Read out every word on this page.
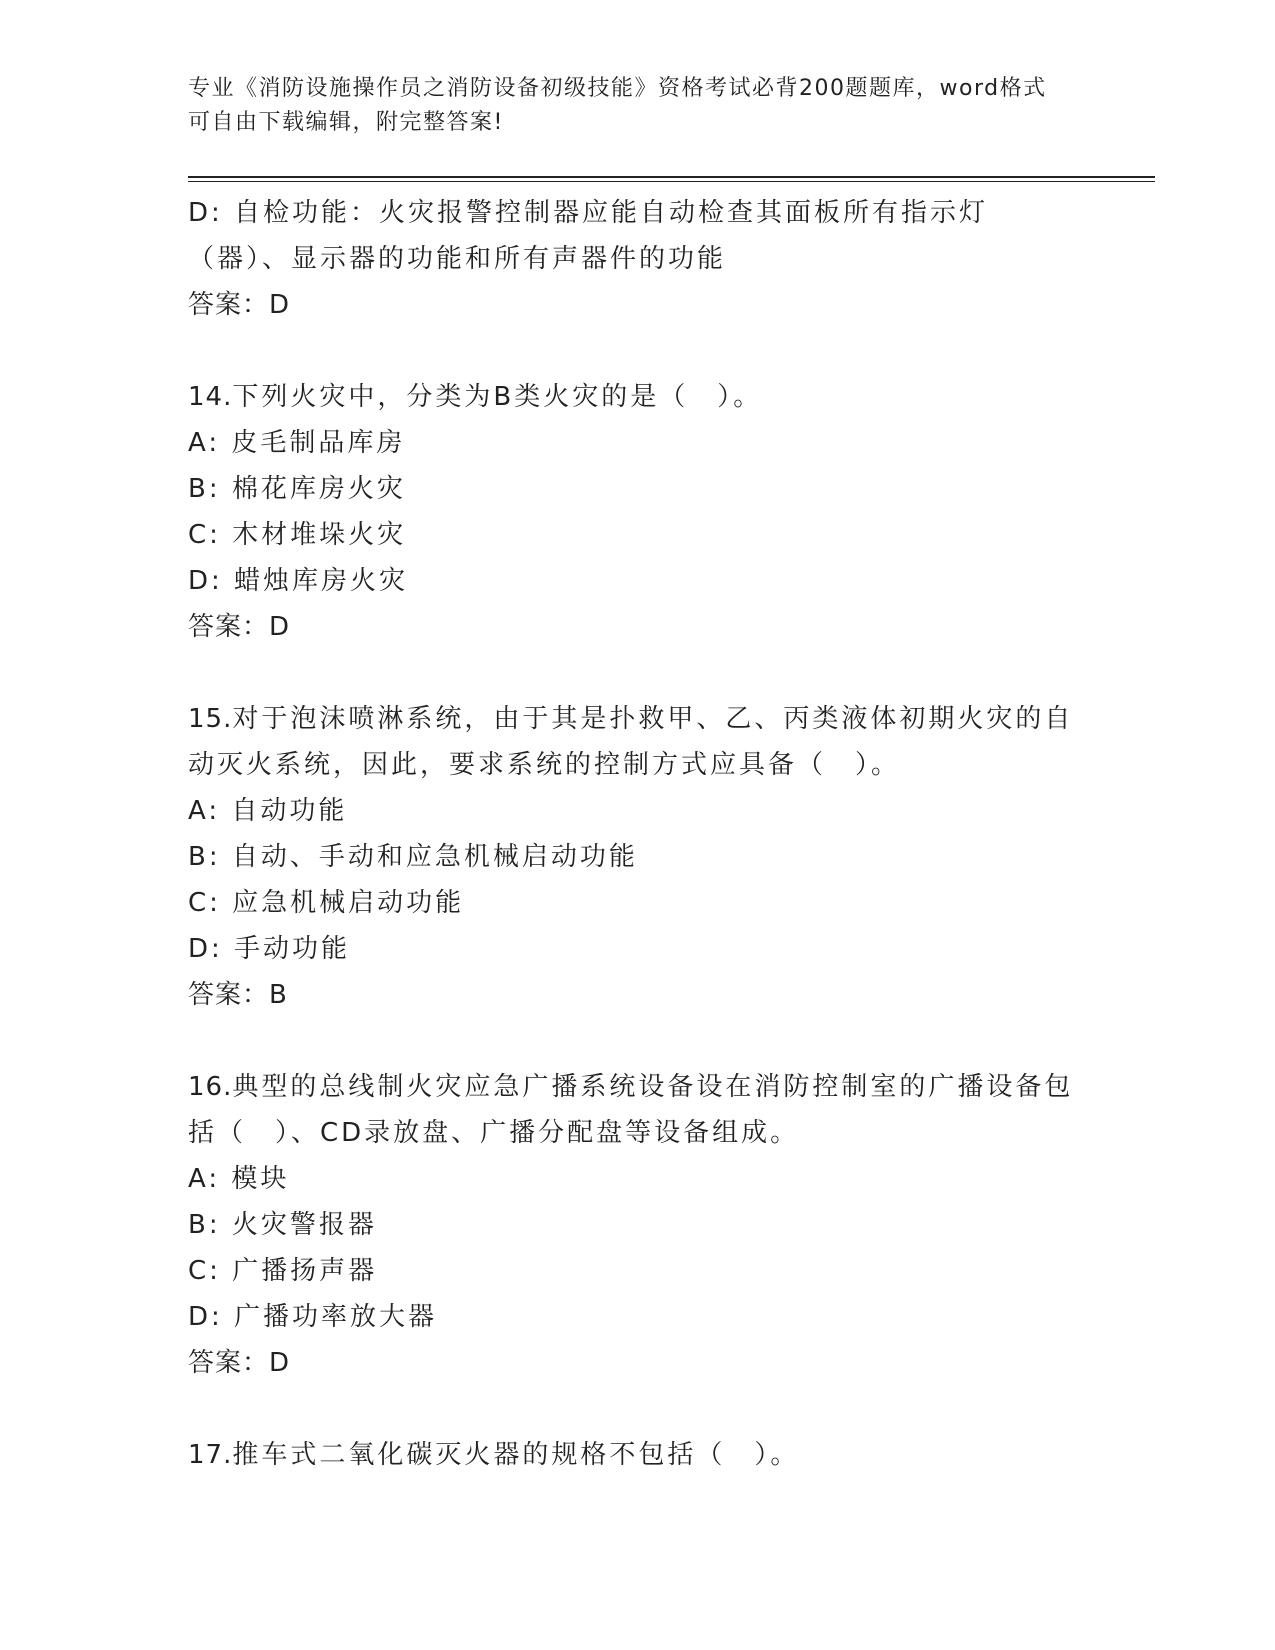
专业《消防设施操作员之消防设备初级技能》资格考试必背200题题库，word格式可自由下载编辑，附完整答案!
D: 自检功能：火灾报警控制器应能自动检查其面板所有指示灯（器）、显示器的功能和所有声器件的功能
答案：D
14.下列火灾中，分类为B类火灾的是（　）。
A: 皮毛制品库房
B: 棉花库房火灾
C: 木材堆垛火灾
D: 蜡烛库房火灾
答案：D
15.对于泡沫喷淋系统，由于其是扑救甲、乙、丙类液体初期火灾的自动灭火系统，因此，要求系统的控制方式应具备（　）。
A: 自动功能
B: 自动、手动和应急机械启动功能
C: 应急机械启动功能
D: 手动功能
答案：B
16.典型的总线制火灾应急广播系统设备设在消防控制室的广播设备包括（　）、CD录放盘、广播分配盘等设备组成。
A: 模块
B: 火灾警报器
C: 广播扬声器
D: 广播功率放大器
答案：D
17.推车式二氧化碳灭火器的规格不包括（　）。
